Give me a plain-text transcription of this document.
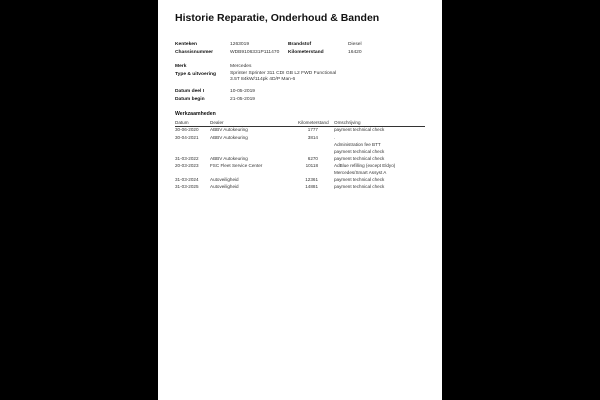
Historie Reparatie, Onderhoud & Banden
Kenteken	1263019
Chassisnummer	WDB9106331P111470
Brandstof	Diesel
Kilometerstand	16420
Merk	Mercedes
Type & uitvoering	Sprinter Sprinter 311 CDI GB L2 FWD Functional 3.5T 84kW/114pk 4D/P Man-6
Datum deel I	10-05-2019
Datum begin	21-05-2019
Werkzaamheden
Datum	Dealer	Kilometerstand Omschrijving
30-06-2020	ABBV Autokeuring	1777	payment technical check
30-04-2021	ABBV Autokeuring	3814	.
Administration fee BTT
payment technical check
31-03-2022	ABBV Autokeuring	6270	payment technical check
20-03-2023	FSC Fleet Service Center	10118	AdBlue refilling (except Eldyo)
Mercedes/Smart Assyst A
31-03-2024	Autoveiligheid	12361	payment technical check
31-03-2025	Autoveiligheid	14881	payment technical check
